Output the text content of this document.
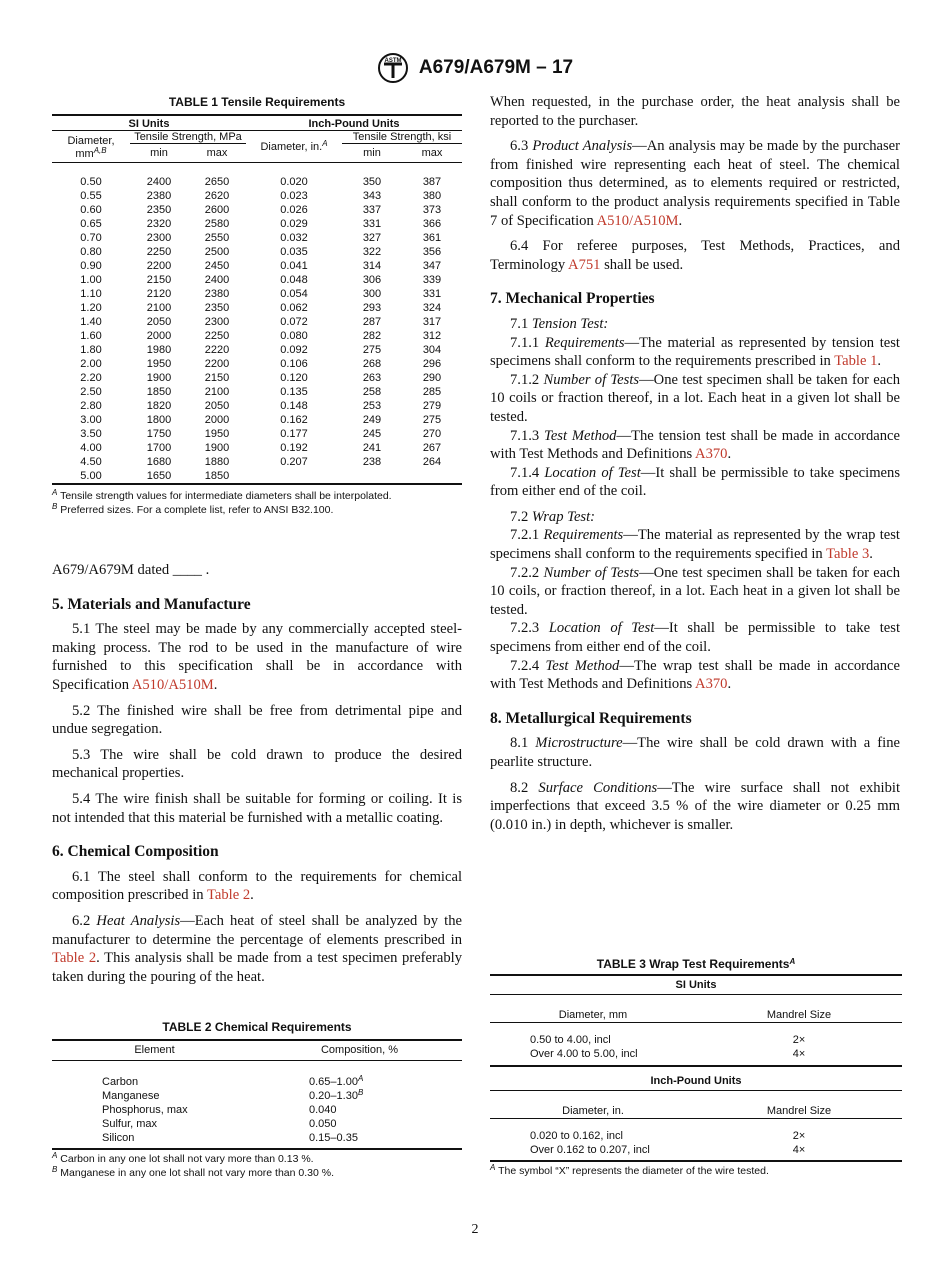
ASTM A679/A679M – 17
TABLE 1 Tensile Requirements
SI Units			Inch-Pound Units		
Diameter,
$mm^{A,B}$	Tensile Strength, MPa		Diameter, in.$^A$	Tensile Strength, ksi	
	min	max		min	max

0.50	2400	2650	0.020	350	387
0.55	2380	2620	0.023	343	380
0.60	2350	2600	0.026	337	373
0.65	2320	2580	0.029	331	366
0.70	2300	2550	0.032	327	361
0.80	2250	2500	0.035	322	356
0.90	2200	2450	0.041	314	347
1.00	2150	2400	0.048	306	339
1.10	2120	2380	0.054	300	331
1.20	2100	2350	0.062	293	324
1.40	2050	2300	0.072	287	317
1.60	2000	2250	0.080	282	312
1.80	1980	2220	0.092	275	304
2.00	1950	2200	0.106	268	296
2.20	1900	2150	0.120	263	290
2.50	1850	2100	0.135	258	285
2.80	1820	2050	0.148	253	279
3.00	1800	2000	0.162	249	275
3.50	1750	1950	0.177	245	270
4.00	1700	1900	0.192	241	267
4.50	1680	1880	0.207	238	264
5.00	1650	1850			

$^A$ Tensile strength values for intermediate diameters shall be interpolated.
$^B$ Preferred sizes. For a complete list, refer to ANSI B32.100.

A679/A679M dated ____ .

5. Materials and Manufacture

5.1 The steel may be made by any commercially accepted steel-making process. The rod to be used in the manufacture of wire furnished to this specification shall be in accordance with Specification A510/A510M.

5.2 The finished wire shall be free from detrimental pipe and undue segregation.

5.3 The wire shall be cold drawn to produce the desired mechanical properties.

5.4 The wire finish shall be suitable for forming or coiling. It is not intended that this material be furnished with a metallic coating.

6. Chemical Composition

6.1 The steel shall conform to the requirements for chemical composition prescribed in Table 2.

6.2 Heat Analysis—Each heat of steel shall be analyzed by the manufacturer to determine the percentage of elements prescribed in Table 2. This analysis shall be made from a test specimen preferably taken during the pouring of the heat.

TABLE 2 Chemical Requirements
Element	Composition, %

Carbon	$0.65-1.00^A$
Manganese	$0.20-1.30^B$
Phosphorus, max	0.040
Sulfur, max	0.050
Silicon	0.15–0.35

$^A$ Carbon in any one lot shall not vary more than 0.13 %.
$^B$ Manganese in any one lot shall not vary more than 0.30 %.

When requested, in the purchase order, the heat analysis shall be reported to the purchaser.

6.3 Product Analysis—An analysis may be made by the purchaser from finished wire representing each heat of steel. The chemical composition thus determined, as to elements required or restricted, shall conform to the product analysis requirements specified in Table 7 of Specification A510/A510M.

6.4 For referee purposes, Test Methods, Practices, and Terminology A751 shall be used.

7. Mechanical Properties

7.1 Tension Test:

7.1.1 Requirements—The material as represented by tension test specimens shall conform to the requirements prescribed in Table 1.

7.1.2 Number of Tests—One test specimen shall be taken for each 10 coils or fraction thereof, in a lot. Each heat in a given lot shall be tested.

7.1.3 Test Method—The tension test shall be made in accordance with Test Methods and Definitions A370.

7.1.4 Location of Test—It shall be permissible to take specimens from either end of the coil.

7.2 Wrap Test:

7.2.1 Requirements—The material as represented by the wrap test specimens shall conform to the requirements specified in Table 3.

7.2.2 Number of Tests—One test specimen shall be taken for each 10 coils, or fraction thereof, in a lot. Each heat in a given lot shall be tested.

7.2.3 Location of Test—It shall be permissible to take test specimens from either end of the coil.

7.2.4 Test Method—The wrap test shall be made in accordance with Test Methods and Definitions A370.

8. Metallurgical Requirements

8.1 Microstructure—The wire shall be cold drawn with a fine pearlite structure.

8.2 Surface Conditions—The wire surface shall not exhibit imperfections that exceed 3.5 % of the wire diameter or 0.25 mm (0.010 in.) in depth, whichever is smaller.

TABLE 3 Wrap Test Requirements$^A$
SI Units	
Diameter, mm	Mandrel Size

0.50 to 4.00, incl	2×
Over 4.00 to 5.00, incl	4×

Inch-Pound Units	
Diameter, in.	Mandrel Size

0.020 to 0.162, incl	2×
Over 0.162 to 0.207, incl	4×

$^A$ The symbol “X” represents the diameter of the wire tested.
2
